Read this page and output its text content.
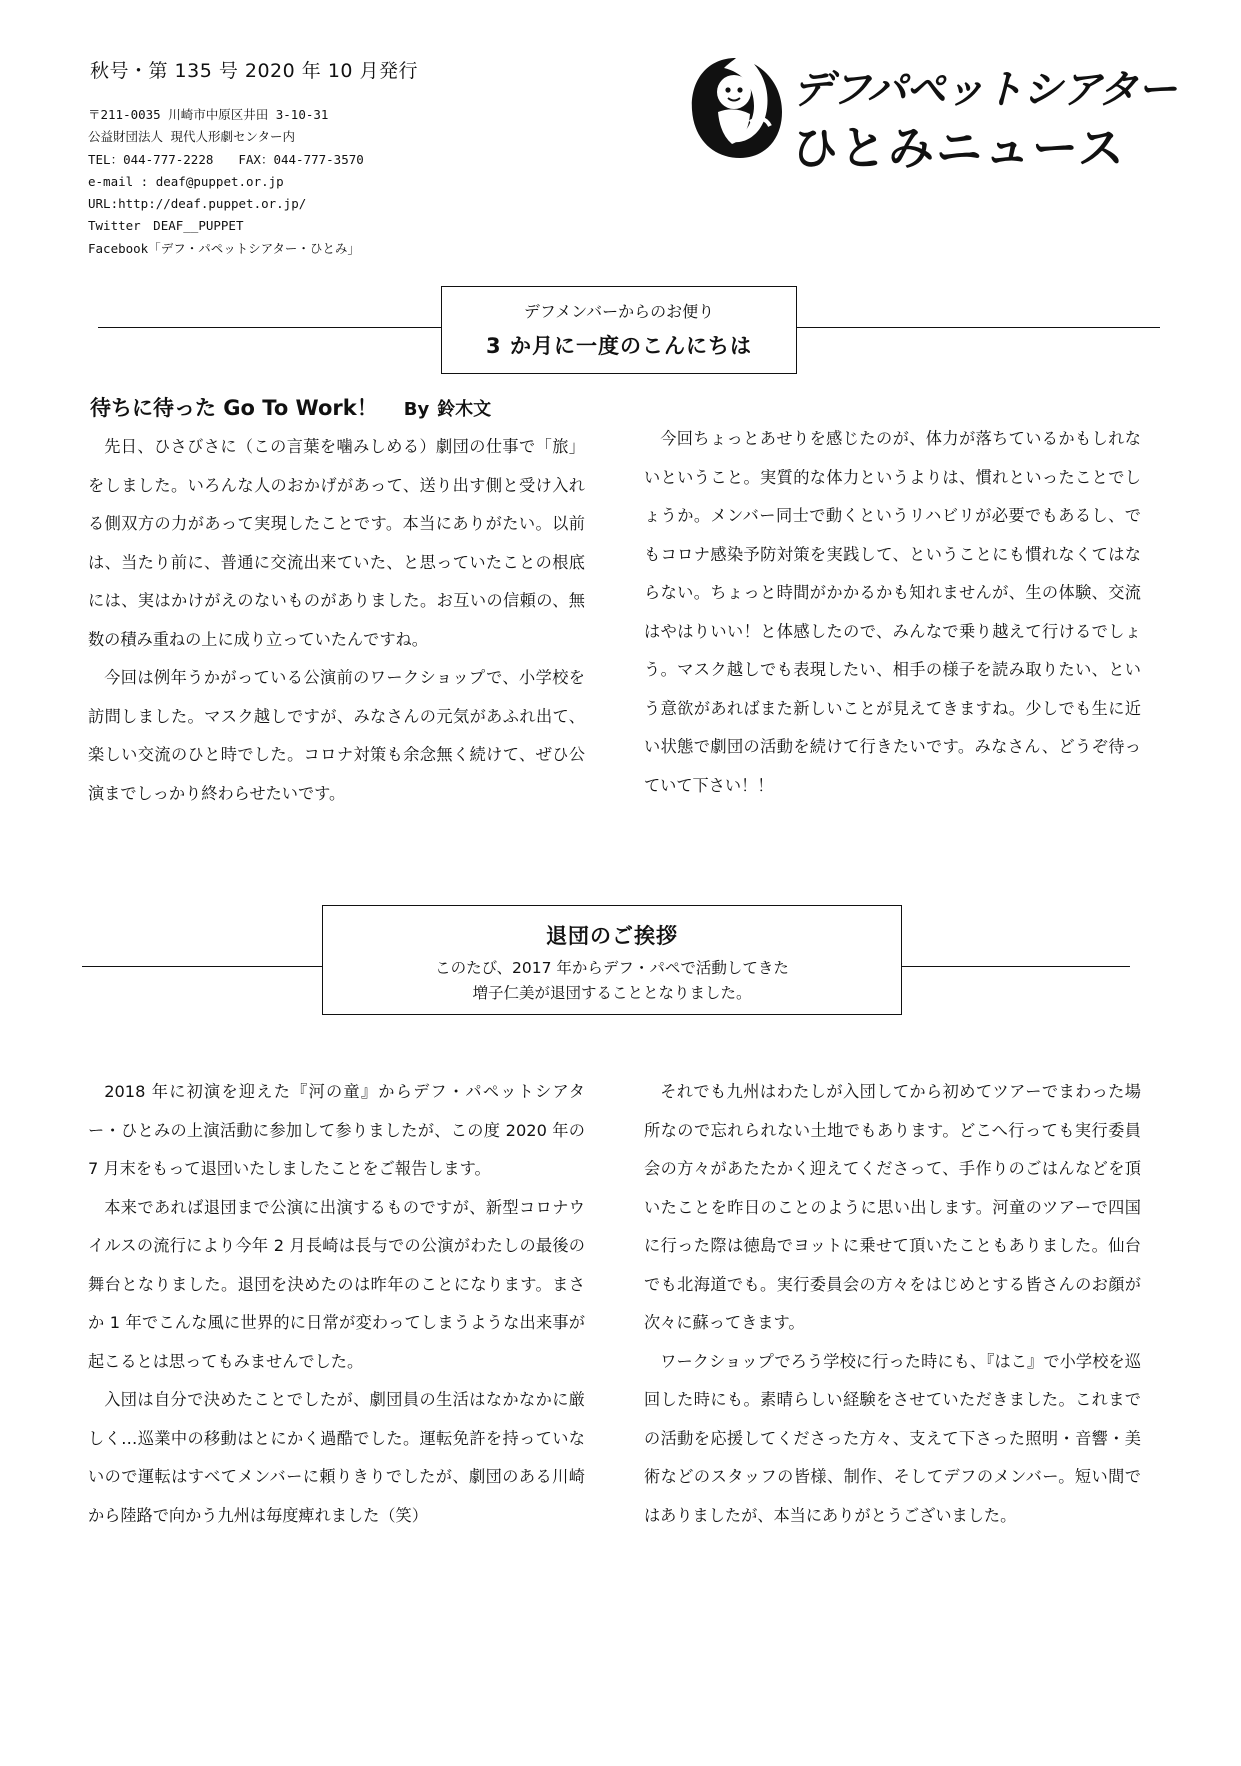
秋号・第 135 号 2020 年 10 月発行
〒211-0035 川崎市中原区井田 3-10-31
公益財団法人 現代人形劇センター内
TEL：044-777-2228　　FAX：044-777-3570
e-mail : deaf@puppet.or.jp
URL:http://deaf.puppet.or.jp/
Twitter　DEAF__PUPPET
Facebook「デフ・パペットシアター・ひとみ」
デフパペットシアター
ひとみニュース
デフメンバーからのお便り
3 か月に一度のこんにちは
待ちに待った Go To Work！ By 鈴木文

先日、ひさびさに（この言葉を噛みしめる）劇団の仕事で「旅」をしました。いろんな人のおかげがあって、送り出す側と受け入れる側双方の力があって実現したことです。本当にありがたい。以前は、当たり前に、普通に交流出来ていた、と思っていたことの根底には、実はかけがえのないものがありました。お互いの信頼の、無数の積み重ねの上に成り立っていたんですね。

今回は例年うかがっている公演前のワークショップで、小学校を訪問しました。マスク越しですが、みなさんの元気があふれ出て、楽しい交流のひと時でした。コロナ対策も余念無く続けて、ぜひ公演までしっかり終わらせたいです。

今回ちょっとあせりを感じたのが、体力が落ちているかもしれないということ。実質的な体力というよりは、慣れといったことでしょうか。メンバー同士で動くというリハビリが必要でもあるし、でもコロナ感染予防対策を実践して、ということにも慣れなくてはならない。ちょっと時間がかかるかも知れませんが、生の体験、交流はやはりいい！と体感したので、みんなで乗り越えて行けるでしょう。マスク越しでも表現したい、相手の様子を読み取りたい、という意欲があればまた新しいことが見えてきますね。少しでも生に近い状態で劇団の活動を続けて行きたいです。みなさん、どうぞ待っていて下さい！！

退団のご挨拶
このたび、2017 年からデフ・パペで活動してきた
増子仁美が退団することとなりました。

2018 年に初演を迎えた『河の童』からデフ・パペットシアター・ひとみの上演活動に参加して参りましたが、この度 2020 年の 7 月末をもって退団いたしましたことをご報告します。

本来であれば退団まで公演に出演するものですが、新型コロナウイルスの流行により今年 2 月長崎は長与での公演がわたしの最後の舞台となりました。退団を決めたのは昨年のことになります。まさか 1 年でこんな風に世界的に日常が変わってしまうような出来事が起こるとは思ってもみませんでした。

入団は自分で決めたことでしたが、劇団員の生活はなかなかに厳しく…巡業中の移動はとにかく過酷でした。運転免許を持っていないので運転はすべてメンバーに頼りきりでしたが、劇団のある川崎から陸路で向かう九州は毎度痺れました（笑）

それでも九州はわたしが入団してから初めてツアーでまわった場所なので忘れられない土地でもあります。どこへ行っても実行委員会の方々があたたかく迎えてくださって、手作りのごはんなどを頂いたことを昨日のことのように思い出します。河童のツアーで四国に行った際は徳島でヨットに乗せて頂いたこともありました。仙台でも北海道でも。実行委員会の方々をはじめとする皆さんのお顔が次々に蘇ってきます。

ワークショップでろう学校に行った時にも、『はこ』で小学校を巡回した時にも。素晴らしい経験をさせていただきました。これまでの活動を応援してくださった方々、支えて下さった照明・音響・美術などのスタッフの皆様、制作、そしてデフのメンバー。短い間ではありましたが、本当にありがとうございました。
